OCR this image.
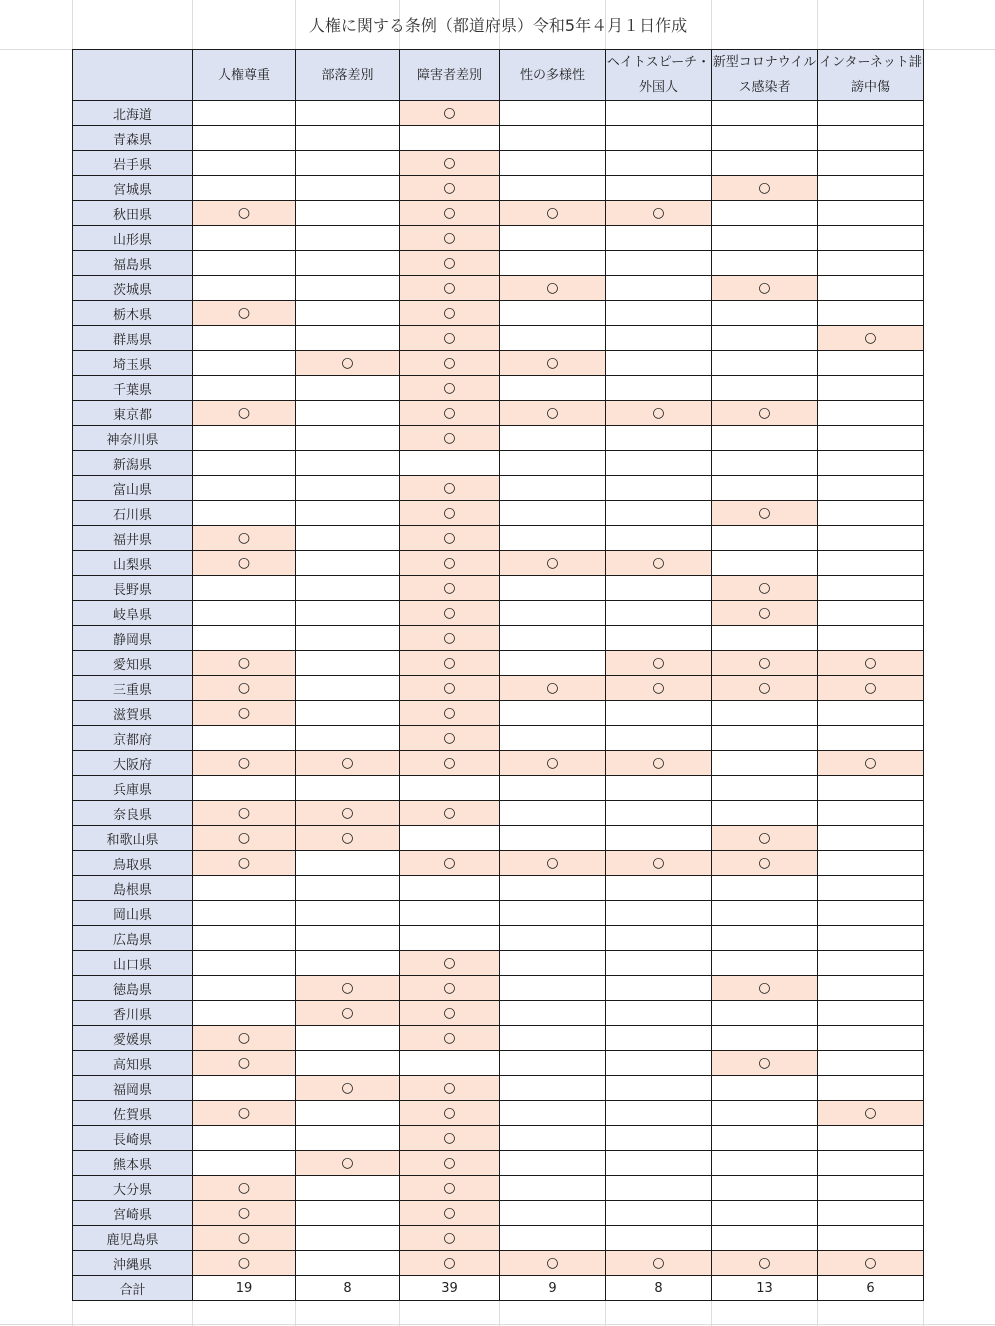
人権に関する条例（都道府県）令和5年４月１日作成
	人権尊重	部落差別	障害者差別	性の多様性	ヘイトスピーチ・外国人	新型コロナウイルス感染者	インターネット誹謗中傷
北海道			○				
青森県							
岩手県			○				
宮城県			○			○	
秋田県	○		○	○	○		
山形県			○				
福島県			○				
茨城県			○	○		○	
栃木県	○		○				
群馬県			○				○
埼玉県		○	○	○			
千葉県			○				
東京都	○		○	○	○	○	
神奈川県			○				
新潟県							
富山県			○				
石川県			○			○	
福井県	○		○				
山梨県	○		○	○	○		
長野県			○			○	
岐阜県			○			○	
静岡県			○				
愛知県	○		○		○	○	○
三重県	○		○	○	○	○	○
滋賀県	○		○				
京都府			○				
大阪府	○	○	○	○	○		○
兵庫県							
奈良県	○	○	○				
和歌山県	○	○				○	
鳥取県	○		○	○	○	○	
島根県							
岡山県							
広島県							
山口県			○				
徳島県		○	○			○	
香川県		○	○				
愛媛県	○		○				
高知県	○					○	
福岡県		○	○				
佐賀県	○		○				○
長崎県			○				
熊本県		○	○				
大分県	○		○				
宮崎県	○		○				
鹿児島県	○		○				
沖縄県	○		○	○	○	○	○
合計	19	8	39	9	8	13	6
